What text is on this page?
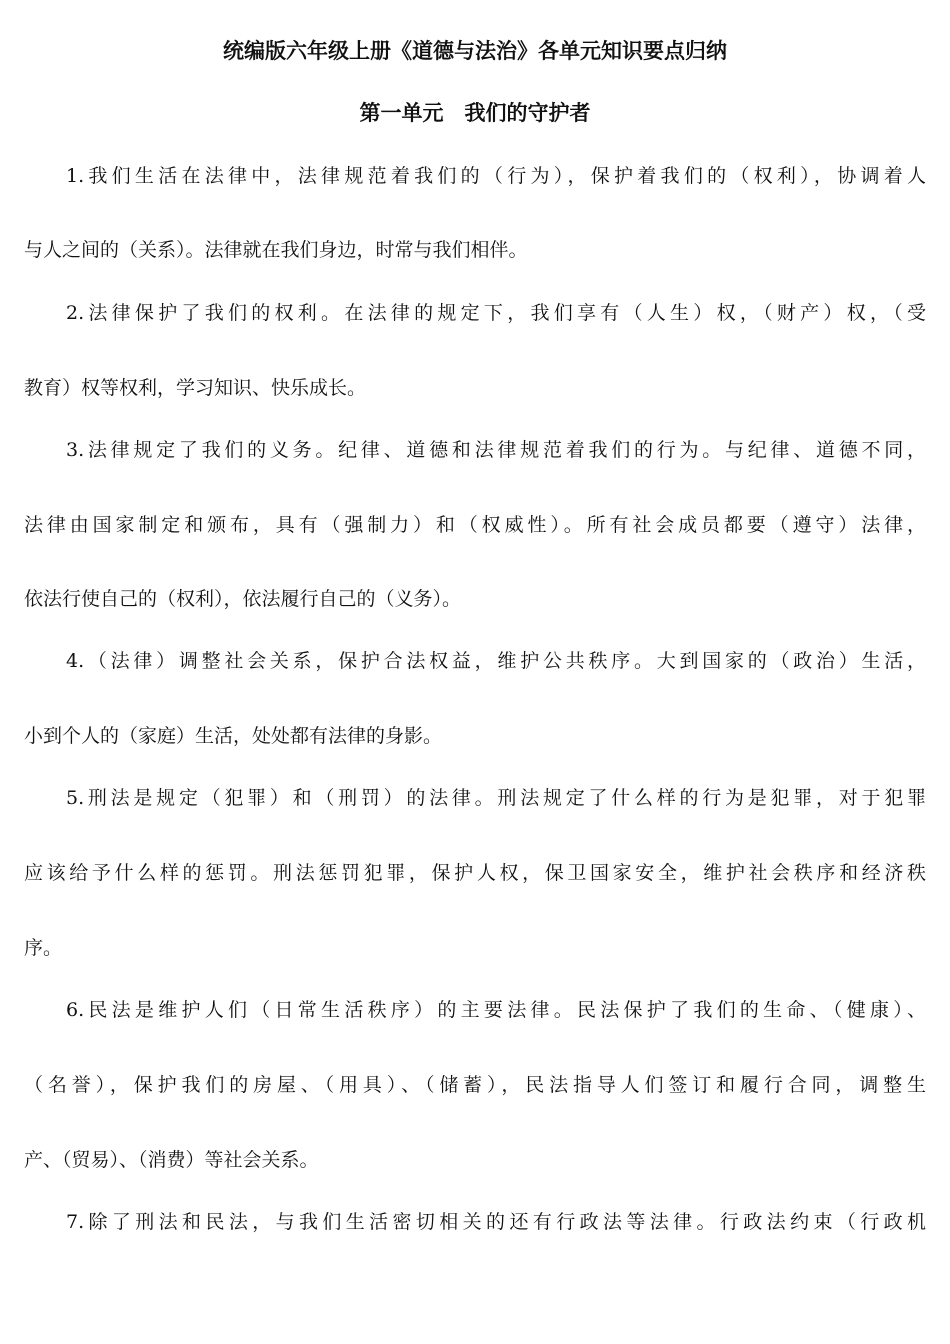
统编版六年级上册《道德与法治》各单元知识要点归纳
第一单元　我们的守护者
1.我们生活在法律中，法律规范着我们的（行为），保护着我们的（权利），协调着人
与人之间的（关系）。法律就在我们身边，时常与我们相伴。
2.法律保护了我们的权利。在法律的规定下，我们享有（人生）权，（财产）权，（受
教育）权等权利，学习知识、快乐成长。
3.法律规定了我们的义务。纪律、道德和法律规范着我们的行为。与纪律、道德不同，
法律由国家制定和颁布，具有（强制力）和（权威性）。所有社会成员都要（遵守）法律，
依法行使自己的（权利），依法履行自己的（义务）。
4.（法律）调整社会关系，保护合法权益，维护公共秩序。大到国家的（政治）生活，
小到个人的（家庭）生活，处处都有法律的身影。
5.刑法是规定（犯罪）和（刑罚）的法律。刑法规定了什么样的行为是犯罪，对于犯罪
应该给予什么样的惩罚。刑法惩罚犯罪，保护人权，保卫国家安全，维护社会秩序和经济秩
序。
6.民法是维护人们（日常生活秩序）的主要法律。民法保护了我们的生命、（健康）、
（名誉），保护我们的房屋、（用具）、（储蓄），民法指导人们签订和履行合同，调整生
产、（贸易）、（消费）等社会关系。
7.除了刑法和民法，与我们生活密切相关的还有行政法等法律。行政法约束（行政机
